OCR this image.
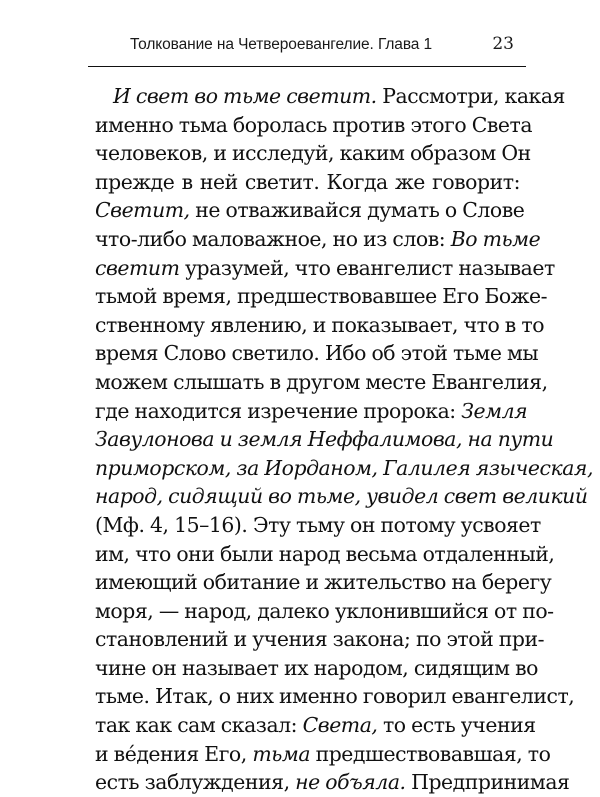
Толкование на Четвероевангелие. Глава 1	23
И свет во тьме светит. Рассмотри, какая
именно тьма боролась против этого Света
человеков, и исследуй, каким образом Он
прежде в ней светит. Когда же говорит:
Светит, не отваживайся думать о Слове
что-либо маловажное, но из слов: Во тьме
светит уразумей, что евангелист называет
тьмой время, предшествовавшее Его Боже-
ственному явлению, и показывает, что в то
время Слово светило. Ибо об этой тьме мы
можем слышать в другом месте Евангелия,
где находится изречение пророка: Земля
Завулонова и земля Неффалимова, на пути
приморском, за Иорданом, Галилея языческая,
народ, сидящий во тьме, увидел свет великий
(Мф. 4, 15–16). Эту тьму он потому усвояет
им, что они были народ весьма отдаленный,
имеющий обитание и жительство на берегу
моря, — народ, далеко уклонившийся от по-
становлений и учения закона; по этой при-
чине он называет их народом, сидящим во
тьме. Итак, о них именно говорил евангелист,
так как сам сказал: Света, то есть учения
и ве́дения Его, тьма предшествовавшая, то
есть заблуждения, не объяла. Предпринимая
